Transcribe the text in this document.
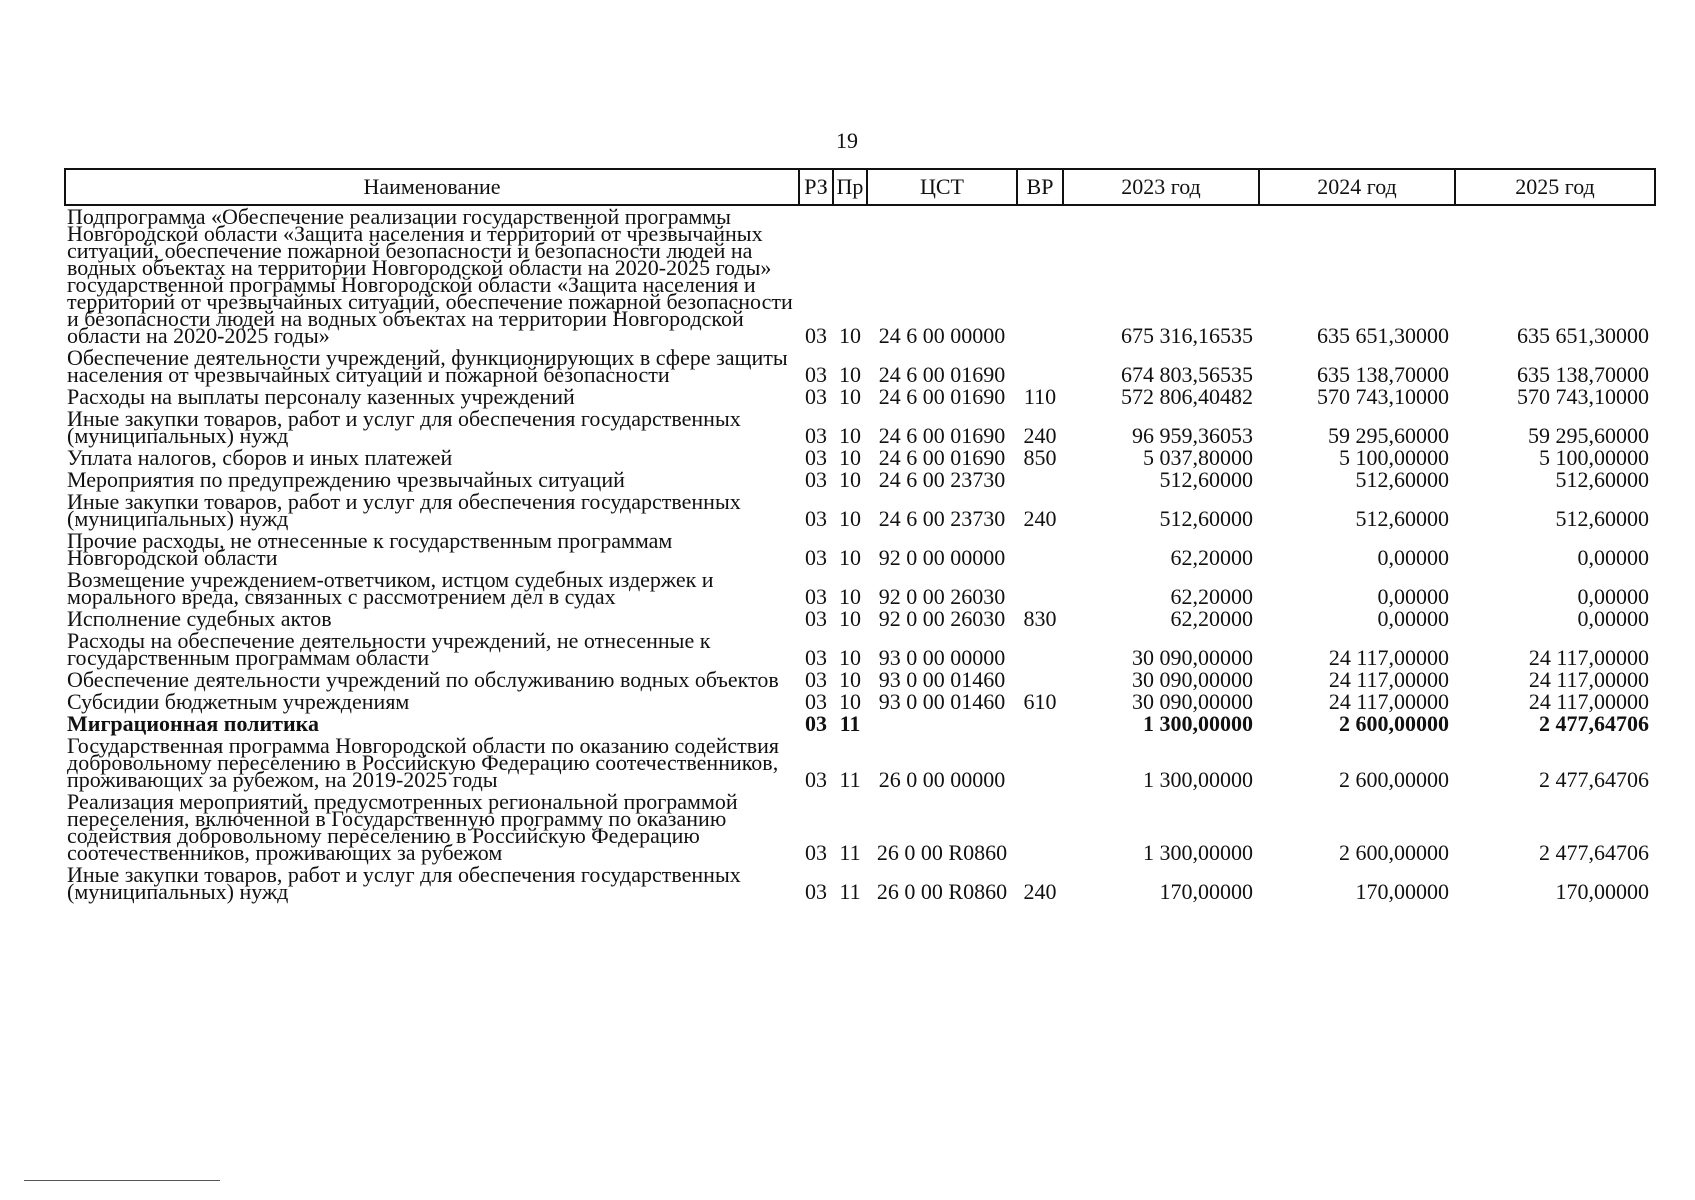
19
Наименование	РЗ	Пр	ЦСТ	ВР	2023 год	2024 год	2025 год
Подпрограмма «Обеспечение реализации государственной программы Новгородской области «Защита населения и территорий от чрезвычайных ситуаций, обеспечение пожарной безопасности и безопасности людей на водных объектах на территории Новгородской области на 2020-2025 годы» государственной программы Новгородской области «Защита населения и территорий от чрезвычайных ситуаций, обеспечение пожарной безопасности и безопасности людей на водных объектах на территории Новгородской области на 2020-2025 годы»	03	10	24 6 00 00000		675 316,16535	635 651,30000	635 651,30000
Обеспечение деятельности учреждений, функционирующих в сфере защиты населения от чрезвычайных ситуаций и пожарной безопасности	03	10	24 6 00 01690		674 803,56535	635 138,70000	635 138,70000
Расходы на выплаты персоналу казенных учреждений	03	10	24 6 00 01690	110	572 806,40482	570 743,10000	570 743,10000
Иные закупки товаров, работ и услуг для обеспечения государственных (муниципальных) нужд	03	10	24 6 00 01690	240	96 959,36053	59 295,60000	59 295,60000
Уплата налогов, сборов и иных платежей	03	10	24 6 00 01690	850	5 037,80000	5 100,00000	5 100,00000
Мероприятия по предупреждению чрезвычайных ситуаций	03	10	24 6 00 23730		512,60000	512,60000	512,60000
Иные закупки товаров, работ и услуг для обеспечения государственных (муниципальных) нужд	03	10	24 6 00 23730	240	512,60000	512,60000	512,60000
Прочие расходы, не отнесенные к государственным программам Новгородской области	03	10	92 0 00 00000		62,20000	0,00000	0,00000
Возмещение учреждением-ответчиком, истцом судебных издержек и морального вреда, связанных с рассмотрением дел в судах	03	10	92 0 00 26030		62,20000	0,00000	0,00000
Исполнение судебных актов	03	10	92 0 00 26030	830	62,20000	0,00000	0,00000
Расходы на обеспечение деятельности учреждений, не отнесенные к государственным программам области	03	10	93 0 00 00000		30 090,00000	24 117,00000	24 117,00000
Обеспечение деятельности учреждений по обслуживанию водных объектов	03	10	93 0 00 01460		30 090,00000	24 117,00000	24 117,00000
Субсидии бюджетным учреждениям	03	10	93 0 00 01460	610	30 090,00000	24 117,00000	24 117,00000
Миграционная политика	03	11			1 300,00000	2 600,00000	2 477,64706
Государственная программа Новгородской области по оказанию содействия добровольному переселению в Российскую Федерацию соотечественников, проживающих за рубежом, на 2019-2025 годы	03	11	26 0 00 00000		1 300,00000	2 600,00000	2 477,64706
Реализация мероприятий, предусмотренных региональной программой переселения, включенной в Государственную программу по оказанию содействия добровольному переселению в Российскую Федерацию соотечественников, проживающих за рубежом	03	11	26 0 00 R0860		1 300,00000	2 600,00000	2 477,64706
Иные закупки товаров, работ и услуг для обеспечения государственных (муниципальных) нужд	03	11	26 0 00 R0860	240	170,00000	170,00000	170,00000
